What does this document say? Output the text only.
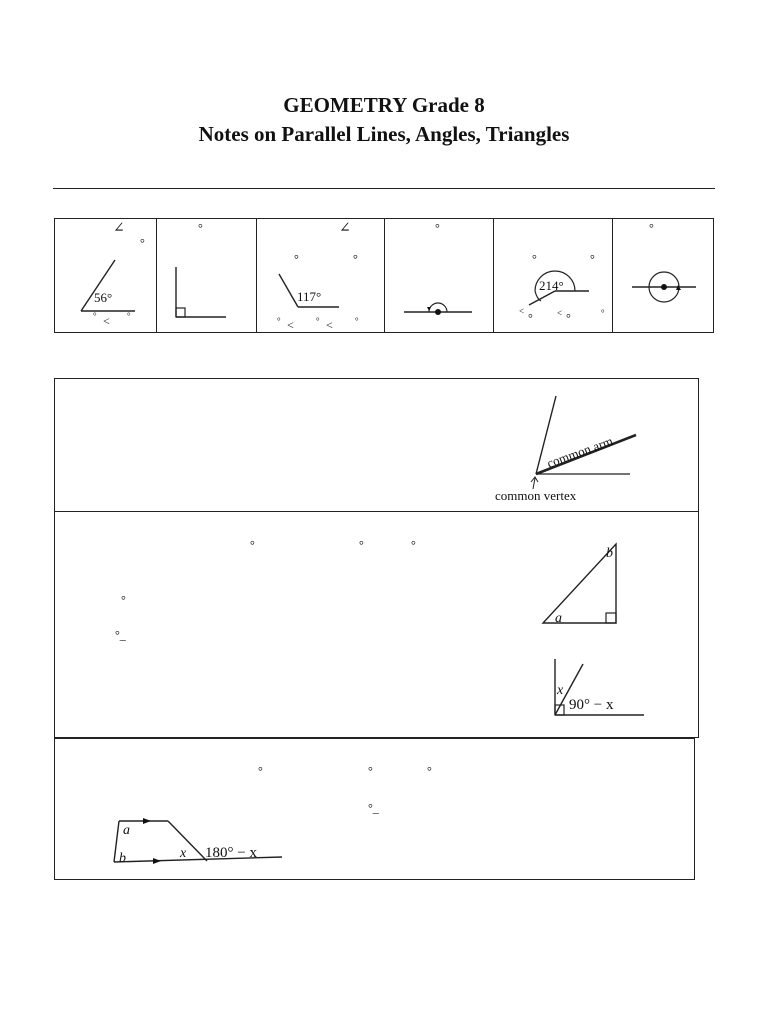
GEOMETRY Grade 8
Notes on Parallel Lines, Angles, Triangles
∠
°
56°
° < °
°	∠
°	°
117°
° < ° < °
°
°	°
214°
°
< °	< °
°
common arm
common vertex
°	°	°
°
°_
a
b
x
90° − x
°	°	°
°_
a
b	x 180° − x
